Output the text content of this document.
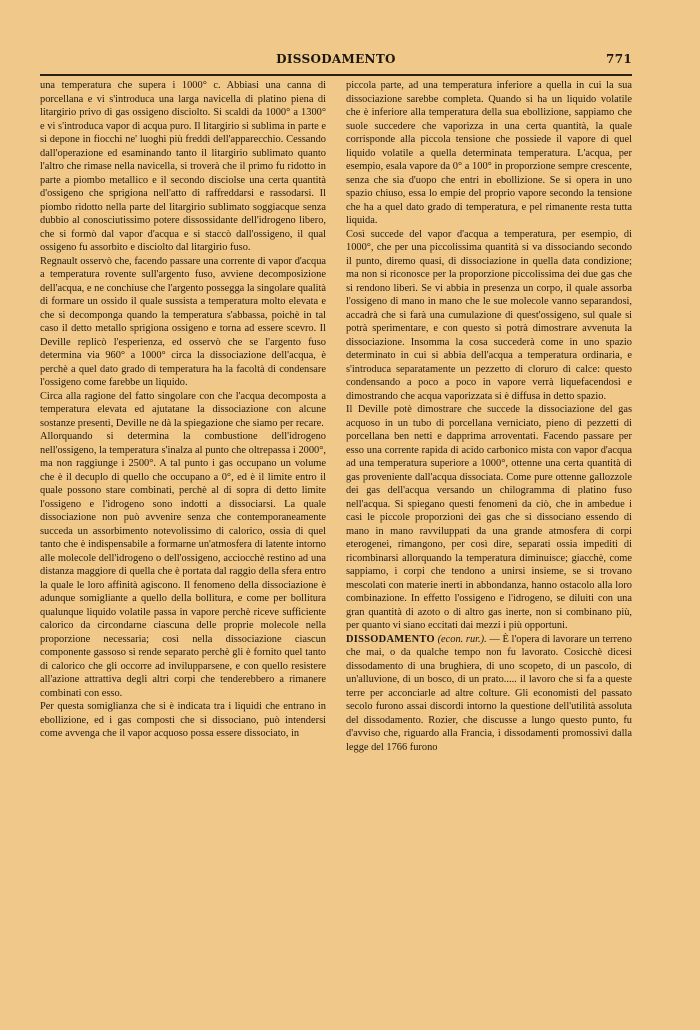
DISSODAMENTO	771

una temperatura che supera i 1000° c. Abbiasi una canna di porcellana e vi s'introduca una larga navicella di platino piena di litargirio privo di gas ossigeno disciolto. Si scaldi da 1000° a 1300° e vi s'introduca vapor di acqua puro. Il litargirio si sublima in parte e si depone in fiocchi ne' luoghi più freddi dell'apparecchio. Cessando dall'operazione ed esaminando tanto il litargirio sublimato quanto l'altro che rimase nella navicella, si troverà che il primo fu ridotto in parte a piombo metallico e il secondo disciolse una certa quantità d'ossigeno che sprigiona nell'atto di raffreddarsi e rassodarsi. Il piombo ridotto nella parte del litargirio sublimato soggiacque senza dubbio al conosciutissimo potere dissossidante dell'idrogeno libero, che si formò dal vapor d'acqua e si staccò dall'ossigeno, il qual ossigeno fu assorbito e disciolto dal litargirio fuso.

Regnault osservò che, facendo passare una corrente di vapor d'acqua a temperatura rovente sull'argento fuso, avviene decomposizione dell'acqua, e ne conchiuse che l'argento possegga la singolare qualità di formare un ossido il quale sussista a temperatura molto elevata e che si decomponga quando la temperatura s'abbassa, poichè in tal caso il detto metallo sprigiona ossigeno e torna ad essere scevro. Il Deville replicò l'esperienza, ed osservò che se l'argento fuso determina via 960° a 1000° circa la dissociazione dell'acqua, è perchè a quel dato grado di temperatura ha la facoltà di condensare l'ossigeno come farebbe un liquido.

Circa alla ragione del fatto singolare con che l'acqua decomposta a temperatura elevata ed ajutatane la dissociazione con alcune sostanze presenti, Deville ne dà la spiegazione che siamo per recare.

Allorquando si determina la combustione dell'idrogeno nell'ossigeno, la temperatura s'inalza al punto che oltrepassa i 2000°, ma non raggiunge i 2500°. A tal punto i gas occupano un volume che è il decuplo di quello che occupano a 0°, ed è il limite entro il quale possono stare combinati, perchè al di sopra di detto limite l'ossigeno e l'idrogeno sono indotti a dissociarsi. La quale dissociazione non può avvenire senza che contemporaneamente succeda un assorbimento notevolissimo di calorico, ossia di quel tanto che è indispensabile a formarne un'atmosfera di latente intorno alle molecole dell'idrogeno o dell'ossigeno, acciocchè restino ad una distanza maggiore di quella che è portata dal raggio della sfera entro la quale le loro affinità agiscono. Il fenomeno della dissociazione è adunque somigliante a quello della bollitura, e come per bollitura qualunque liquido volatile passa in vapore perchè riceve sufficiente calorico da circondarne ciascuna delle proprie molecole nella proporzione necessaria; così nella dissociazione ciascun componente gassoso si rende separato perchè gli è fornito quel tanto di calorico che gli occorre ad invilupparsene, e con quello resistere all'azione attrattiva degli altri corpi che tenderebbero a rimanere combinati con esso.

Per questa somiglianza che si è indicata tra i liquidi che entrano in ebollizione, ed i gas composti che si dissociano, può intendersi come avvenga che il vapor acquoso possa essere dissociato, in

piccola parte, ad una temperatura inferiore a quella in cui la sua dissociazione sarebbe completa. Quando si ha un liquido volatile che è inferiore alla temperatura della sua ebollizione, sappiamo che suole succedere che vaporizza in una certa quantità, la quale corrisponde alla piccola tensione che possiede il vapore di quel liquido volatile a quella determinata temperatura. L'acqua, per esempio, esala vapore da 0° a 100° in proporzione sempre crescente, senza che sia d'uopo che entri in ebollizione. Se si opera in uno spazio chiuso, essa lo empie del proprio vapore secondo la tensione che ha a quel dato grado di temperatura, e pel rimanente resta tutta liquida.

Così succede del vapor d'acqua a temperatura, per esempio, di 1000°, che per una piccolissima quantità si va dissociando secondo il punto, diremo quasi, di dissociazione in quella data condizione; ma non si riconosce per la proporzione piccolissima dei due gas che si rendono liberi. Se vi abbia in presenza un corpo, il quale assorba l'ossigeno di mano in mano che le sue molecole vanno separandosi, accadrà che si farà una cumulazione di quest'ossigeno, sul quale si potrà sperimentare, e con questo si potrà dimostrare avvenuta la dissociazione. Insomma la cosa succederà come in uno spazio determinato in cui si abbia dell'acqua a temperatura ordinaria, e s'introduca separatamente un pezzetto di cloruro di calce: questo condensando a poco a poco in vapore verrà liquefacendosi e dimostrando che acqua vaporizzata si è diffusa in detto spazio.

Il Deville potè dimostrare che succede la dissociazione del gas acquoso in un tubo di porcellana verniciato, pieno di pezzetti di porcellana ben netti e dapprima arroventati. Facendo passare per esso una corrente rapida di acido carbonico mista con vapor d'acqua ad una temperatura superiore a 1000°, ottenne una certa quantità di gas proveniente dall'acqua dissociata. Come pure ottenne gallozzole dei gas dell'acqua versando un chilogramma di platino fuso nell'acqua. Si spiegano questi fenomeni da ciò, che in ambedue i casi le piccole proporzioni dei gas che si dissociano essendo di mano in mano ravviluppati da una grande atmosfera di corpi eterogenei, rimangono, per così dire, separati ossia impediti di ricombinarsi allorquando la temperatura diminuisce; giacchè, come sappiamo, i corpi che tendono a unirsi insieme, se si trovano mescolati con materie inerti in abbondanza, hanno ostacolo alla loro combinazione. In effetto l'ossigeno e l'idrogeno, se diluiti con una gran quantità di azoto o di altro gas inerte, non si combinano più, per quanto vi siano eccitati dai mezzi i più opportuni.

DISSODAMENTO (econ. rur.). — È l'opera di lavorare un terreno che mai, o da qualche tempo non fu lavorato. Cosicchè dicesi dissodamento di una brughiera, di uno scopeto, di un pascolo, di un'alluvione, di un bosco, di un prato..... il lavoro che si fa a queste terre per acconciarle ad altre colture. Gli economisti del passato secolo furono assai discordi intorno la questione dell'utilità assoluta del dissodamento. Rozier, che discusse a lungo questo punto, fu d'avviso che, riguardo alla Francia, i dissodamenti promossivi dalla legge del 1766 furono
